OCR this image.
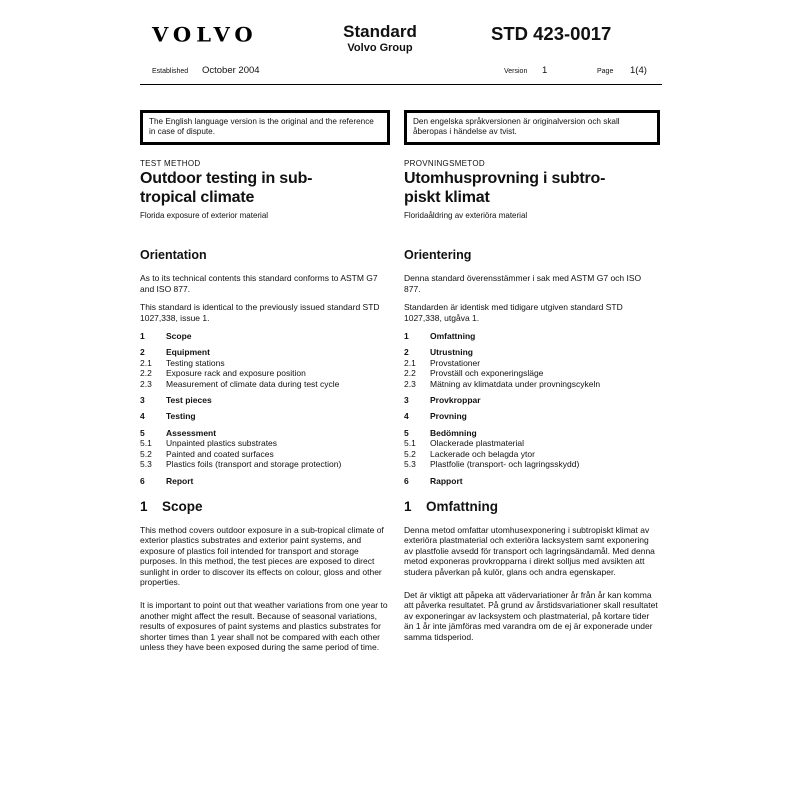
VOLVO	Standard
Volvo Group
STD 423-0017
Established October 2004	Version 1	Page 1(4)
The English language version is the original and the reference in case of dispute.
TEST METHOD
Outdoor testing in sub-
tropical climate
Florida exposure of exterior material
Orientation

As to its technical contents this standard conforms to ASTM G7 and ISO 877.

This standard is identical to the previously issued standard STD 1027,338, issue 1.

1	Scope
2	Equipment
2.1	Testing stations
2.2	Exposure rack and exposure position
2.3	Measurement of climate data during test cycle
3	Test pieces
4	Testing
5	Assessment
5.1	Unpainted plastics substrates
5.2	Painted and coated surfaces
5.3	Plastics foils (transport and storage protection)
6	Report
1	Scope

This method covers outdoor exposure in a sub-tropical climate of exterior plastics substrates and exterior paint systems, and exposure of plastics foil intended for transport and storage purposes. In this method, the test pieces are exposed to direct sunlight in order to discover its effects on colour, gloss and other properties.

It is important to point out that weather variations from one year to another might affect the result. Because of seasonal variations, results of exposures of paint systems and plastics substrates for shorter times than 1 year shall not be compared with each other unless they have been exposed during the same period of time.

Den engelska språkversionen är originalversion och skall åberopas i händelse av tvist.
PROVNINGSMETOD
Utomhusprovning i subtro-
piskt klimat
Floridaåldring av exteriöra material
Orientering

Denna standard överensstämmer i sak med ASTM G7 och ISO 877.

Standarden är identisk med tidigare utgiven standard STD 1027,338, utgåva 1.

1	Omfattning
2	Utrustning
2.1	Provstationer
2.2	Provställ och exponeringsläge
2.3	Mätning av klimatdata under provningscykeln
3	Provkroppar
4	Provning
5	Bedömning
5.1	Olackerade plastmaterial
5.2	Lackerade och belagda ytor
5.3	Plastfolie (transport- och lagringsskydd)
6	Rapport
1	Omfattning

Denna metod omfattar utomhusexponering i subtropiskt klimat av exteriöra plastmaterial och exteriöra lacksystem samt exponering av plastfolie avsedd för transport och lagringsändamål. Med denna metod exponeras provkropparna i direkt solljus med avsikten att studera påverkan på kulör, glans och andra egenskaper.

Det är viktigt att påpeka att vädervariationer år från år kan komma att påverka resultatet. På grund av årstidsvariationer skall resultatet av exponeringar av lacksystem och plastmaterial, på kortare tider än 1 år inte jämföras med varandra om de ej är exponerade under samma tidsperiod.
